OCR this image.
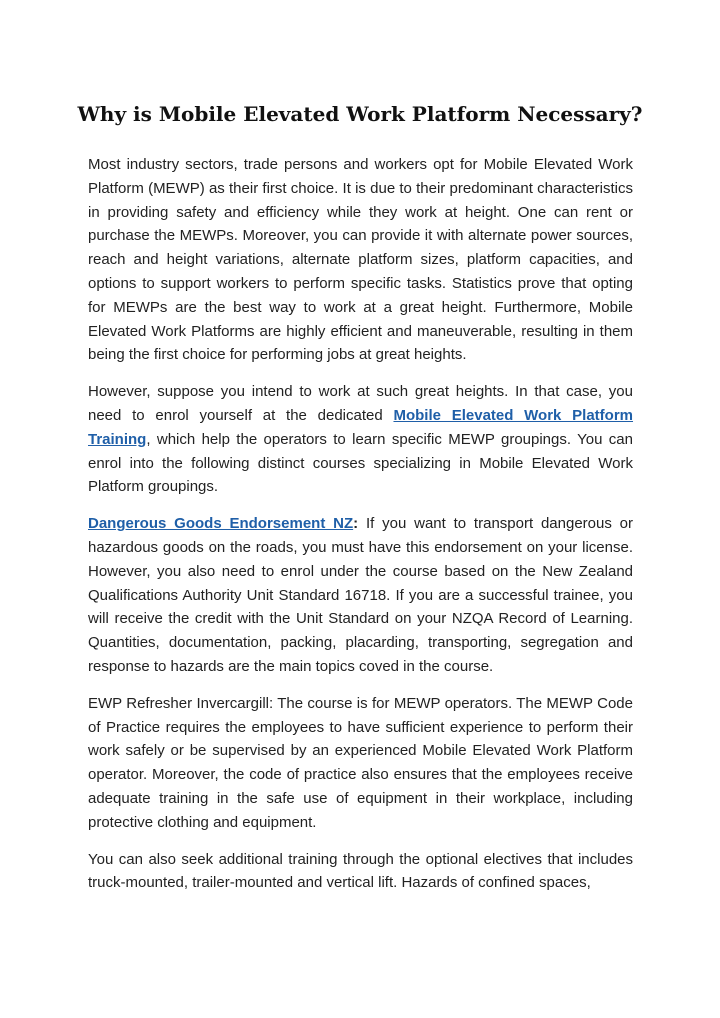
Why is Mobile Elevated Work Platform Necessary?

Most industry sectors, trade persons and workers opt for Mobile Elevated Work Platform (MEWP) as their first choice. It is due to their predominant characteristics in providing safety and efficiency while they work at height. One can rent or purchase the MEWPs. Moreover, you can provide it with alternate power sources, reach and height variations, alternate platform sizes, platform capacities, and options to support workers to perform specific tasks. Statistics prove that opting for MEWPs are the best way to work at a great height. Furthermore, Mobile Elevated Work Platforms are highly efficient and maneuverable, resulting in them being the first choice for performing jobs at great heights.

However, suppose you intend to work at such great heights. In that case, you need to enrol yourself at the dedicated Mobile Elevated Work Platform Training, which help the operators to learn specific MEWP groupings. You can enrol into the following distinct courses specializing in Mobile Elevated Work Platform groupings.

Dangerous Goods Endorsement NZ: If you want to transport dangerous or hazardous goods on the roads, you must have this endorsement on your license. However, you also need to enrol under the course based on the New Zealand Qualifications Authority Unit Standard 16718. If you are a successful trainee, you will receive the credit with the Unit Standard on your NZQA Record of Learning. Quantities, documentation, packing, placarding, transporting, segregation and response to hazards are the main topics coved in the course.

EWP Refresher Invercargill: The course is for MEWP operators. The MEWP Code of Practice requires the employees to have sufficient experience to perform their work safely or be supervised by an experienced Mobile Elevated Work Platform operator. Moreover, the code of practice also ensures that the employees receive adequate training in the safe use of equipment in their workplace, including protective clothing and equipment.

You can also seek additional training through the optional electives that includes truck-mounted, trailer-mounted and vertical lift. Hazards of confined spaces,
